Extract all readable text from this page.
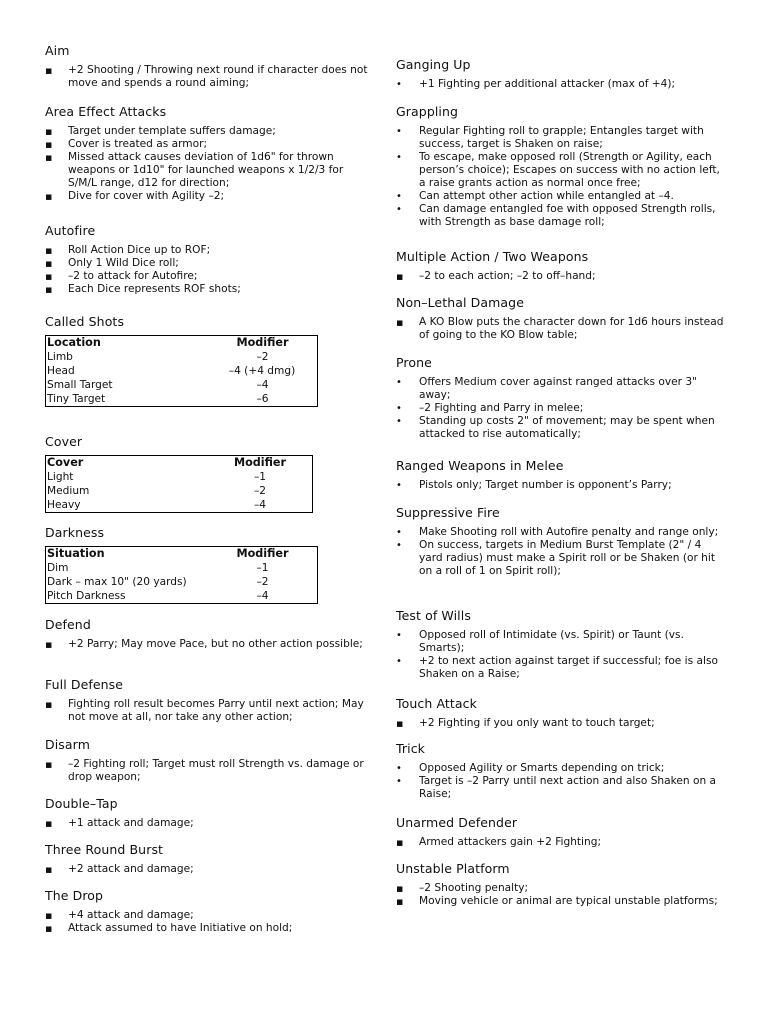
Aim
▪ +2 Shooting / Throwing next round if character does not move and spends a round aiming;
Area Effect Attacks
▪ Target under template suffers damage;
▪ Cover is treated as armor;
▪ Missed attack causes deviation of 1d6" for thrown weapons or 1d10" for launched weapons x 1/2/3 for S/M/L range, d12 for direction;
▪ Dive for cover with Agility –2;
Autofire
▪ Roll Action Dice up to ROF;
▪ Only 1 Wild Dice roll;
▪ –2 to attack for Autofire;
▪ Each Dice represents ROF shots;
Called Shots
Location	Modifier
Limb	–2
Head	–4 (+4 dmg)
Small Target	–4
Tiny Target	–6
Cover
Cover	Modifier
Light	–1
Medium	–2
Heavy	–4
Darkness
Situation	Modifier
Dim	–1
Dark – max 10" (20 yards)	–2
Pitch Darkness	–4
Defend
▪ +2 Parry; May move Pace, but no other action possible;
Full Defense
▪ Fighting roll result becomes Parry until next action; May not move at all, nor take any other action;
Disarm
▪ –2 Fighting roll; Target must roll Strength vs. damage or drop weapon;
Double–Tap
▪ +1 attack and damage;
Three Round Burst
▪ +2 attack and damage;
The Drop
▪ +4 attack and damage;
▪ Attack assumed to have Initiative on hold;
Ganging Up
• +1 Fighting per additional attacker (max of +4);
Grappling
• Regular Fighting roll to grapple; Entangles target with success, target is Shaken on raise;
• To escape, make opposed roll (Strength or Agility, each person’s choice); Escapes on success with no action left, a raise grants action as normal once free;
• Can attempt other action while entangled at –4.
• Can damage entangled foe with opposed Strength rolls, with Strength as base damage roll;
Multiple Action / Two Weapons
▪ –2 to each action; –2 to off–hand;
Non–Lethal Damage
▪ A KO Blow puts the character down for 1d6 hours instead of going to the KO Blow table;
Prone
• Offers Medium cover against ranged attacks over 3" away;
• –2 Fighting and Parry in melee;
• Standing up costs 2" of movement; may be spent when attacked to rise automatically;
Ranged Weapons in Melee
• Pistols only; Target number is opponent’s Parry;
Suppressive Fire
• Make Shooting roll with Autofire penalty and range only;
• On success, targets in Medium Burst Template (2" / 4 yard radius) must make a Spirit roll or be Shaken (or hit on a roll of 1 on Spirit roll);
Test of Wills
• Opposed roll of Intimidate (vs. Spirit) or Taunt (vs. Smarts);
• +2 to next action against target if successful; foe is also Shaken on a Raise;
Touch Attack
▪ +2 Fighting if you only want to touch target;
Trick
• Opposed Agility or Smarts depending on trick;
• Target is –2 Parry until next action and also Shaken on a Raise;
Unarmed Defender
▪ Armed attackers gain +2 Fighting;
Unstable Platform
▪ –2 Shooting penalty;
▪ Moving vehicle or animal are typical unstable platforms;
